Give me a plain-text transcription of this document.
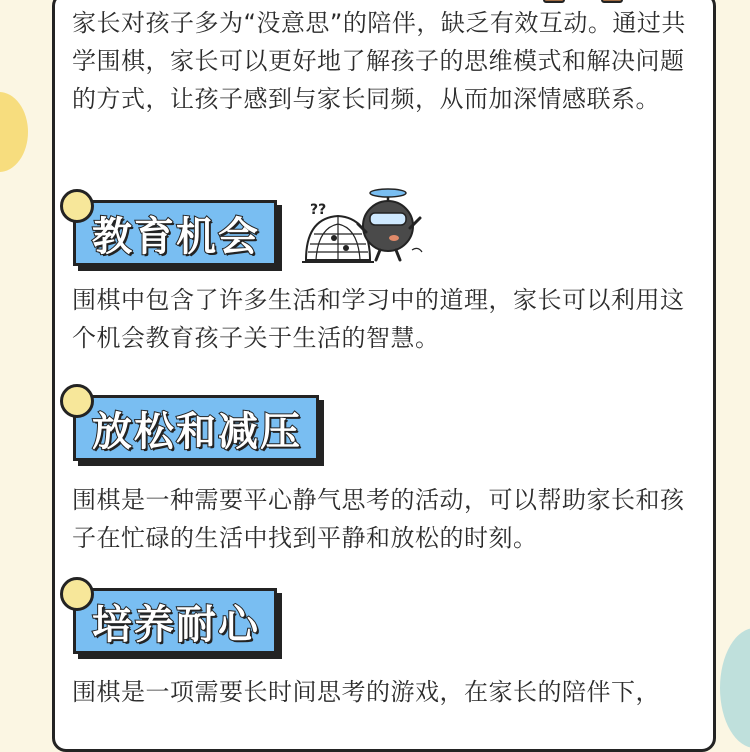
家长对孩子多为“没意思”的陪伴，缺乏有效互动。通过共学围棋，家长可以更好地了解孩子的思维模式和解决问题的方式，让孩子感到与家长同频，从而加深情感联系。

教育机会
??

围棋中包含了许多生活和学习中的道理，家长可以利用这个机会教育孩子关于生活的智慧。

放松和减压

围棋是一种需要平心静气思考的活动，可以帮助家长和孩子在忙碌的生活中找到平静和放松的时刻。

培养耐心

围棋是一项需要长时间思考的游戏，在家长的陪伴下，
